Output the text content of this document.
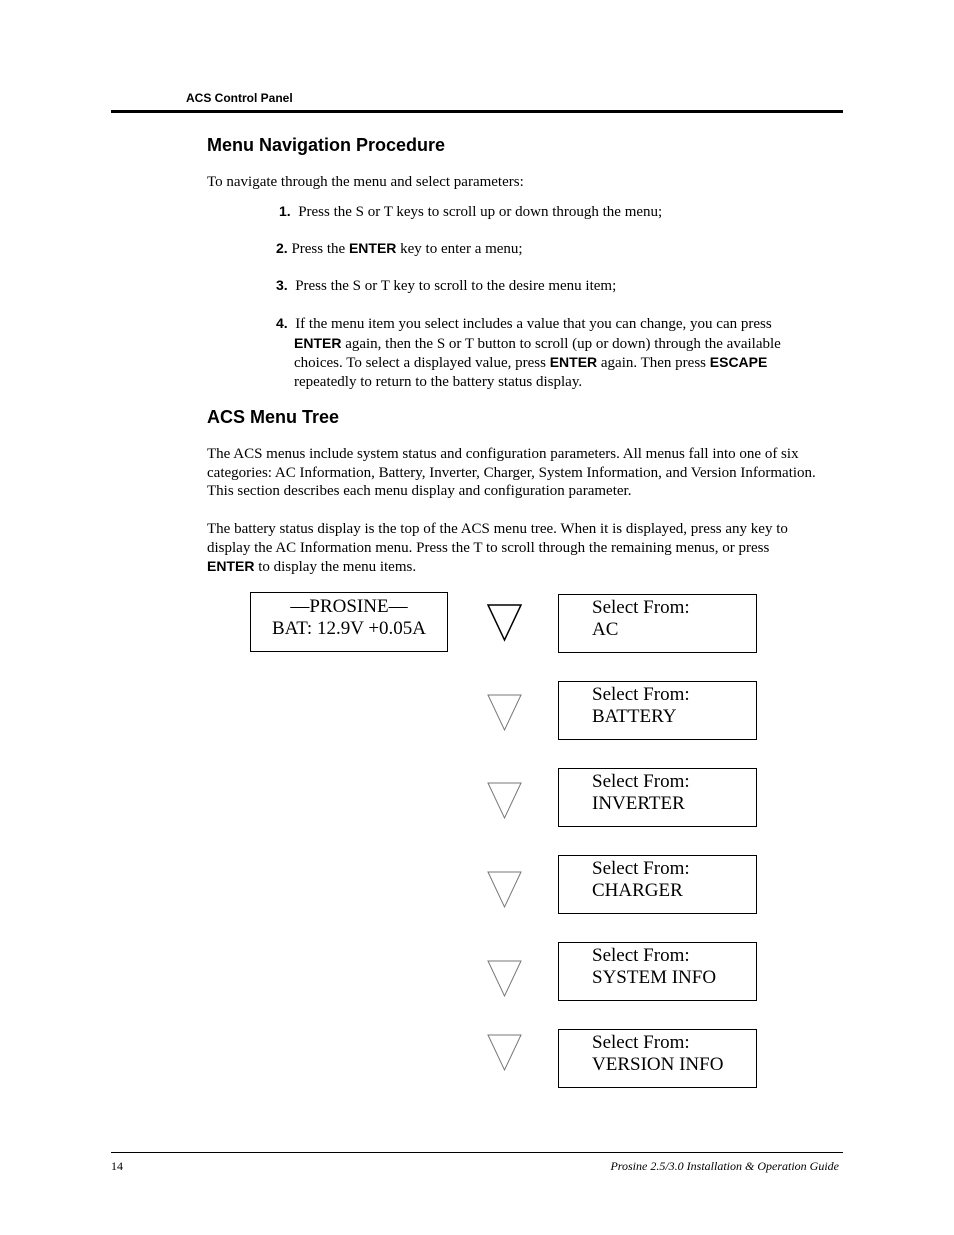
ACS Control Panel
Menu Navigation Procedure
To navigate through the menu and select parameters:
1. Press the S or T keys to scroll up or down through the menu;
2. Press the ENTER key to enter a menu;
3. Press the S or T key to scroll to the desire menu item;
4. If the menu item you select includes a value that you can change, you can press
ENTER again, then the S or T button to scroll (up or down) through the available
choices. To select a displayed value, press ENTER again. Then press ESCAPE
repeatedly to return to the battery status display.
ACS Menu Tree
The ACS menus include system status and configuration parameters. All menus fall into one of six
categories: AC Information, Battery, Inverter, Charger, System Information, and Version Information.
This section describes each menu display and configuration parameter.
The battery status display is the top of the ACS menu tree. When it is displayed, press any key to
display the AC Information menu. Press the T to scroll through the remaining menus, or press
ENTER to display the menu items.
—PROSINE—
BAT: 12.9V +0.05A
Select From:
AC
Select From:
BATTERY
Select From:
INVERTER
Select From:
CHARGER
Select From:
SYSTEM INFO
Select From:
VERSION INFO
14	Prosine 2.5/3.0 Installation & Operation Guide
